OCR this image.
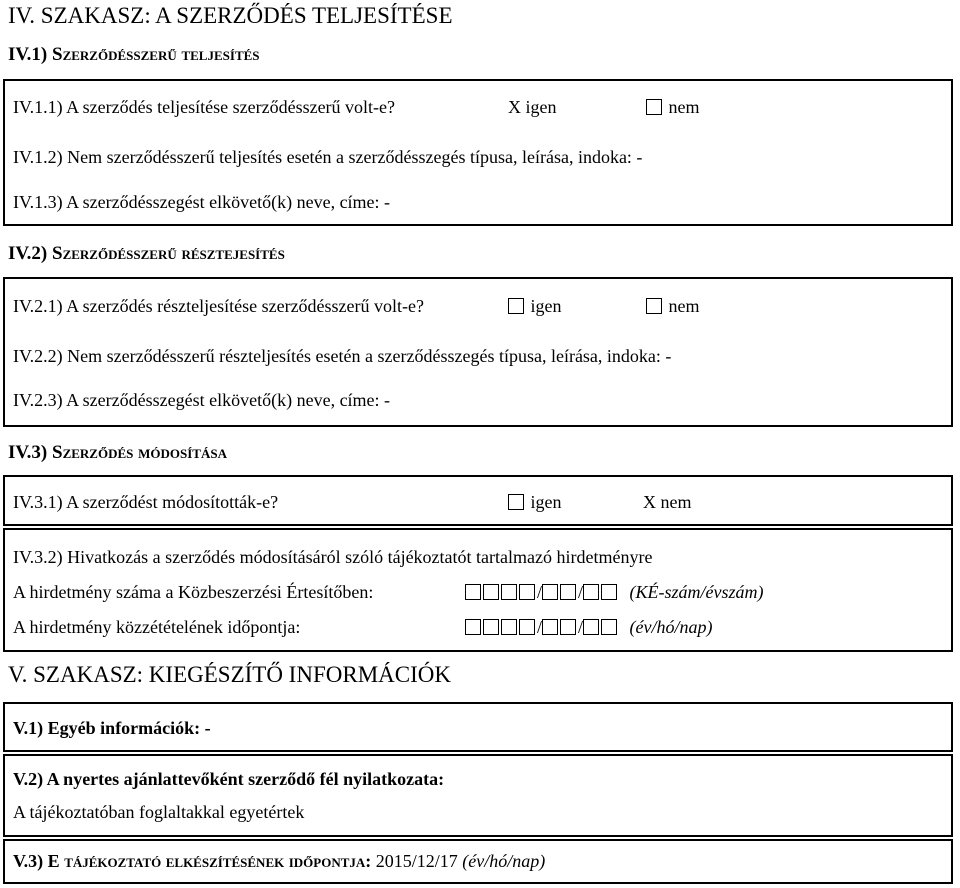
IV. SZAKASZ: A SZERZŐDÉS TELJESÍTÉSE
IV.1) Szerződésszerű teljesítés
IV.1.1) A szerződés teljesítése szerződésszerű volt-e?	X igen	nem
IV.1.2) Nem szerződésszerű teljesítés esetén a szerződésszegés típusa, leírása, indoka: -
IV.1.3) A szerződésszegést elkövető(k) neve, címe: -
IV.2) Szerződésszerű résztejesítés
IV.2.1) A szerződés részteljesítése szerződésszerű volt-e?	igen	nem
IV.2.2) Nem szerződésszerű részteljesítés esetén a szerződésszegés típusa, leírása, indoka: -
IV.2.3) A szerződésszegést elkövető(k) neve, címe: -
IV.3) Szerződés módosítása
IV.3.1) A szerződést módosították-e?	igen	X nem
IV.3.2) Hivatkozás a szerződés módosításáról szóló tájékoztatót tartalmazó hirdetményre
A hirdetmény száma a Közbeszerzési Értesítőben:	/ /	(KÉ-szám/évszám)
A hirdetmény közzétételének időpontja:	/ /	(év/hó/nap)
V. SZAKASZ: KIEGÉSZÍTŐ INFORMÁCIÓK
V.1) Egyéb információk: -
V.2) A nyertes ajánlattevőként szerződő fél nyilatkozata:
A tájékoztatóban foglaltakkal egyetértek
V.3) E tájékoztató elkészítésének időpontja: 2015/12/17 (év/hó/nap)
